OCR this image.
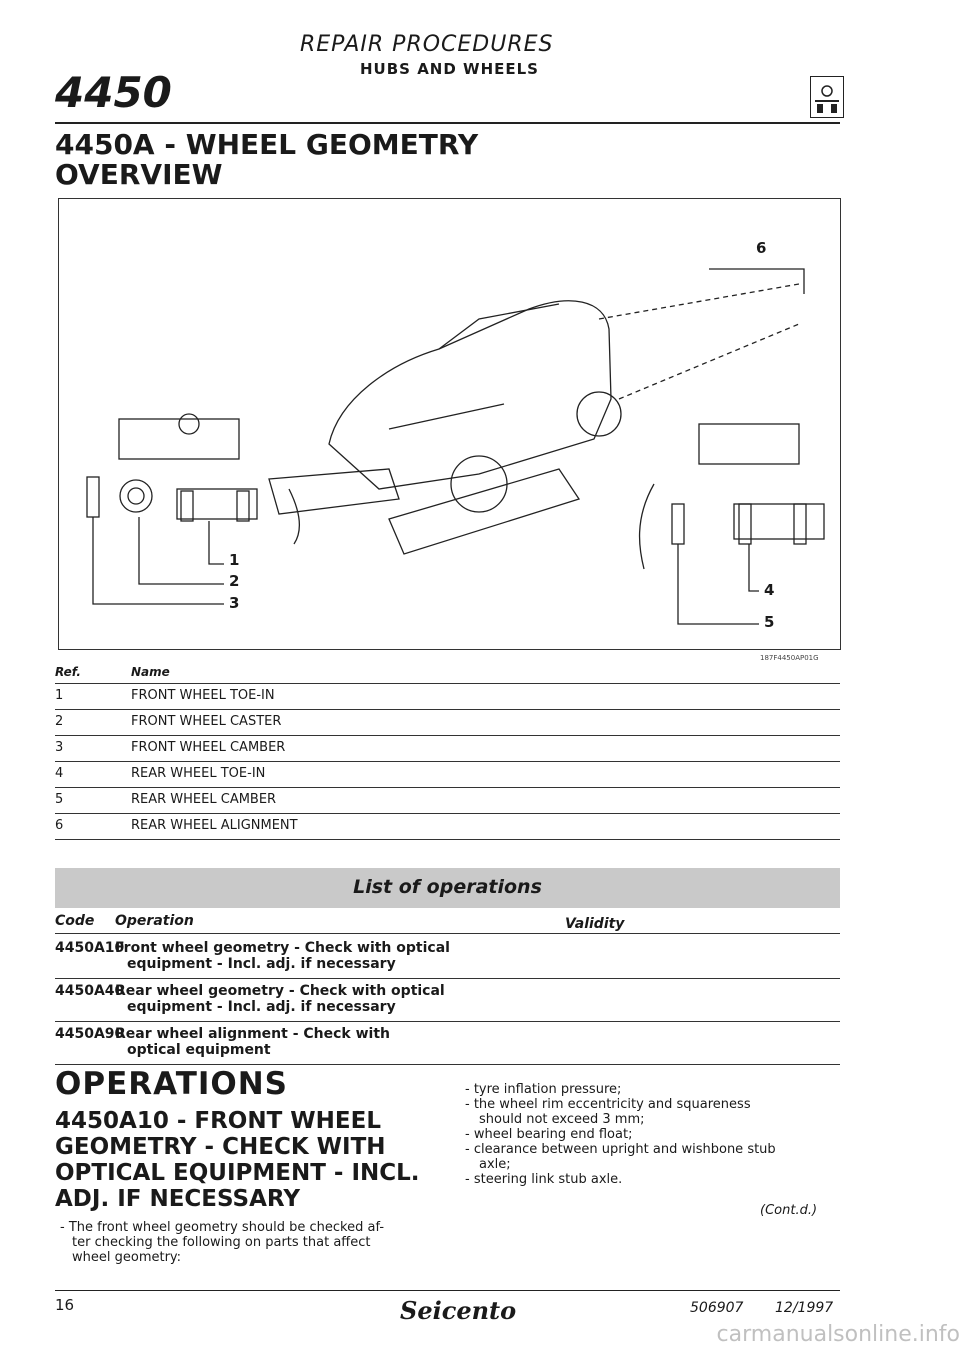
REPAIR PROCEDURES
HUBS AND WHEELS
4450
4450A - WHEEL GEOMETRY
OVERVIEW
1
2
3
4
5
6
187F4450AP01G
Ref.	Name
1	FRONT WHEEL TOE-IN
2	FRONT WHEEL CASTER
3	FRONT WHEEL CAMBER
4	REAR WHEEL TOE-IN
5	REAR WHEEL CAMBER
6	REAR WHEEL ALIGNMENT
List of operations
Code Operation	Validity
4450A10
Front wheel geometry - Check with optical
equipment - Incl. adj. if necessary
4450A40
Rear wheel geometry - Check with optical
equipment - Incl. adj. if necessary
4450A90
Rear wheel alignment - Check with
optical equipment
OPERATIONS
4450A10 - FRONT WHEEL
GEOMETRY - CHECK WITH
OPTICAL EQUIPMENT - INCL.
ADJ. IF NECESSARY
- The front wheel geometry should be checked af-
ter checking the following on parts that affect
wheel geometry:
- tyre inflation pressure;
- the wheel rim eccentricity and squareness
should not exceed 3 mm;
- wheel bearing end float;
- clearance between upright and wishbone stub
axle;
- steering link stub axle.
(Cont.d.)
16	Seicento	506907 12/1997
carmanualsonline.info
